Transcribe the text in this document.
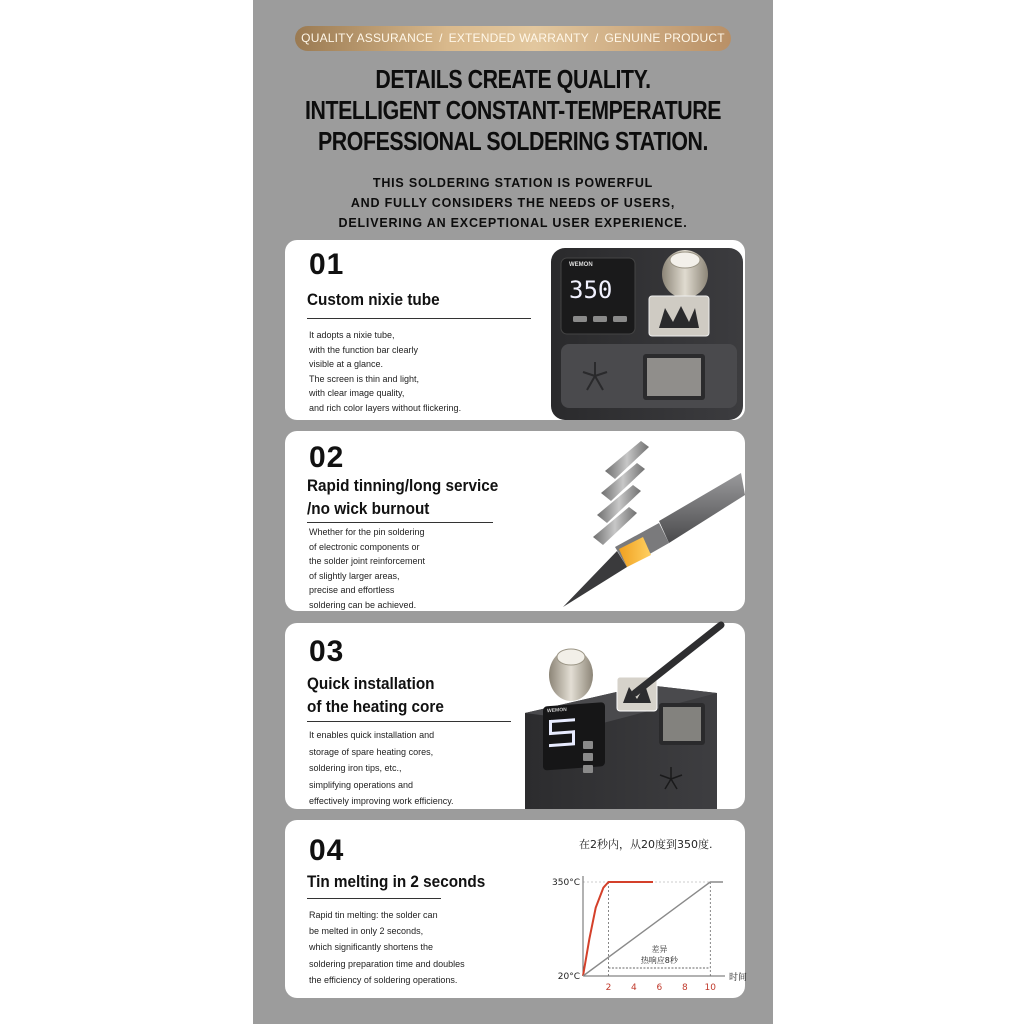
QUALITY ASSURANCE / EXTENDED WARRANTY / GENUINE PRODUCT
DETAILS CREATE QUALITY.
INTELLIGENT CONSTANT-TEMPERATURE
PROFESSIONAL SOLDERING STATION.
THIS SOLDERING STATION IS POWERFUL
AND FULLY CONSIDERS THE NEEDS OF USERS,
DELIVERING AN EXCEPTIONAL USER EXPERIENCE.
01
Custom nixie tube
It adopts a nixie tube,
with the function bar clearly
visible at a glance.
The screen is thin and light,
with clear image quality,
and rich color layers without flickering.
WEMON
350
02
Rapid tinning/long service
/no wick burnout
Whether for the pin soldering
of electronic components or
the solder joint reinforcement
of slightly larger areas,
precise and effortless
soldering can be achieved.
03
Quick installation
of the heating core
It enables quick installation and
storage of spare heating cores,
soldering iron tips, etc.,
simplifying operations and
effectively improving work efficiency.
WEMON
04
Tin melting in 2 seconds
Rapid tin melting: the solder can
be melted in only 2 seconds,
which significantly shortens the
soldering preparation time and doubles
the efficiency of soldering operations.
在2秒内，从20度到350度.
时间
350°C
20°C
2 4 6 8 10
差异
热响应8秒
